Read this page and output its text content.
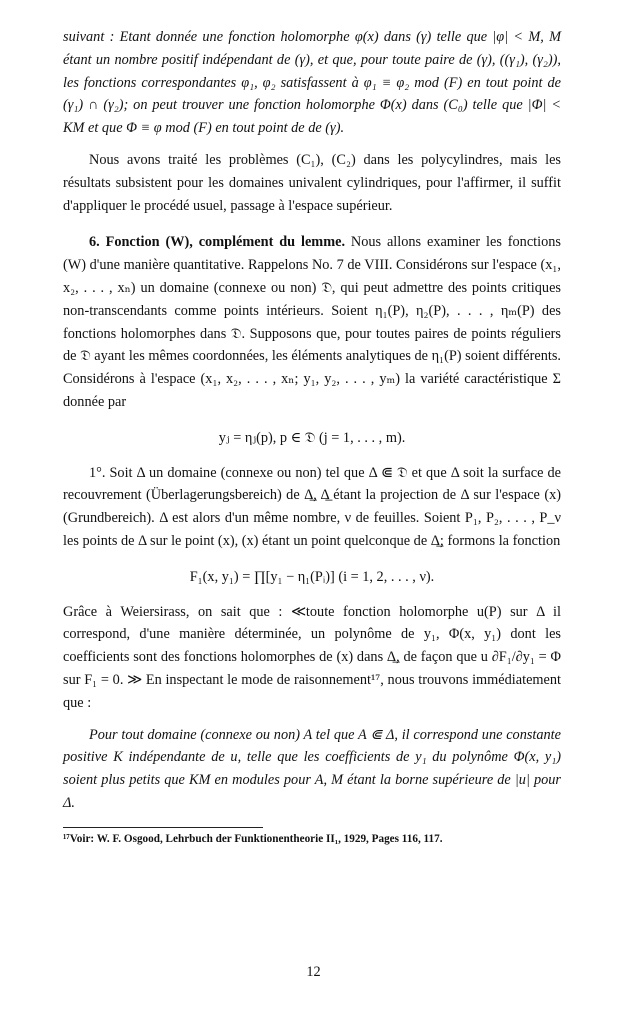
suivant : Etant donnée une fonction holomorphe φ(x) dans (γ) telle que |φ| < M, M étant un nombre positif indépendant de (γ), et que, pour toute paire de (γ), ((γ₁), (γ₂)), les fonctions correspondantes φ₁, φ₂ satisfassent à φ₁ ≡ φ₂ mod (F) en tout point de (γ₁) ∩ (γ₂); on peut trouver une fonction holomorphe Φ(x) dans (C₀) telle que |Φ| < KM et que Φ ≡ φ mod (F) en tout point de de (γ).

Nous avons traité les problèmes (C₁), (C₂) dans les polycylindres, mais les résultats subsistent pour les domaines univalent cylindriques, pour l'affirmer, il suffit d'appliquer le procédé usuel, passage à l'espace supérieur.

6. Fonction (W), complément du lemme. Nous allons examiner les fonctions (W) d'une manière quantitative. Rappelons No. 7 de VIII. Considérons sur l'espace (x₁, x₂, . . . , xₙ) un domaine (connexe ou non) 𝔇, qui peut admettre des points critiques non-transcendants comme points intérieurs. Soient η₁(P), η₂(P), . . . , ηₘ(P) des fonctions holomorphes dans 𝔇. Supposons que, pour toutes paires de points réguliers de 𝔇 ayant les mêmes coordonnées, les éléments analytiques de η₁(P) soient différents. Considérons à l'espace (x₁, x₂, . . . , xₙ; y₁, y₂, . . . , yₘ) la variété caractéristique Σ donnée par

yⱼ = ηⱼ(p), p ∈ 𝔇 (j = 1, . . . , m).

1°. Soit Δ un domaine (connexe ou non) tel que Δ ⋐ 𝔇 et que Δ soit la surface de recouvrement (Überlagerungsbereich) de Δ̲, Δ̲ étant la projection de Δ sur l'espace (x) (Grundbereich). Δ est alors d'un même nombre, ν de feuilles. Soient P₁, P₂, . . . , P_ν les points de Δ sur le point (x), (x) étant un point quelconque de Δ̲; formons la fonction

F₁(x, y₁) = ∏[y₁ − η₁(Pᵢ)] (i = 1, 2, . . . , ν).

Grâce à Weiersirass, on sait que : ≪toute fonction holomorphe u(P) sur Δ il correspond, d'une manière déterminée, un polynôme de y₁, Φ(x, y₁) dont les coefficients sont des fonctions holomorphes de (x) dans Δ̲, de façon que u ∂F₁/∂y₁ = Φ sur F₁ = 0. ≫ En inspectant le mode de raisonnement¹⁷, nous trouvons immédiatement que :

Pour tout domaine (connexe ou non) A tel que A ⋐ Δ, il correspond une constante positive K indépendante de u, telle que les coefficients de y₁ du polynôme Φ(x, y₁) soient plus petits que KM en modules pour A, M étant la borne supérieure de |u| pour Δ.

¹⁷Voir: W. F. Osgood, Lehrbuch der Funktionentheorie II₁, 1929, Pages 116, 117.
12
